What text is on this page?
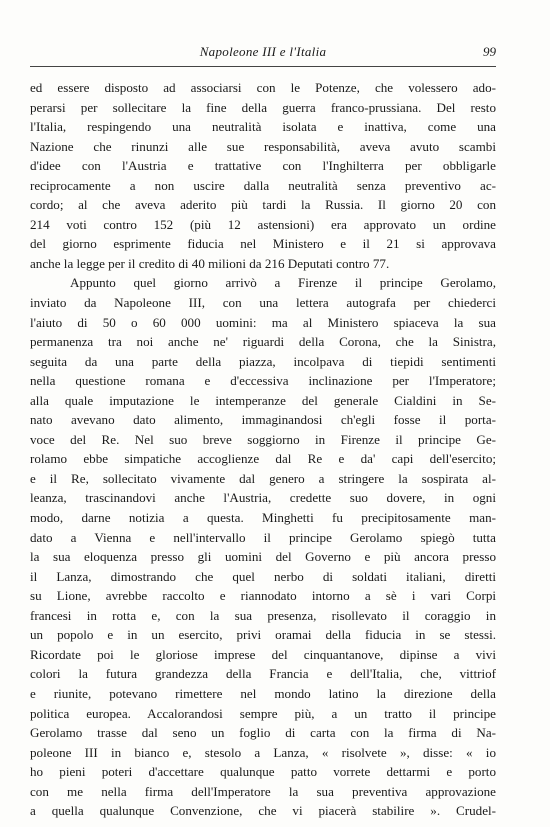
Napoleone III e l'Italia	99
ed essere disposto ad associarsi con le Potenze, che volessero ado-
perarsi per sollecitare la fine della guerra franco-prussiana. Del resto
l'Italia, respingendo una neutralità isolata e inattiva, come una
Nazione che rinunzi alle sue responsabilità, aveva avuto scambi
d'idee con l'Austria e trattative con l'Inghilterra per obbligarle
reciprocamente a non uscire dalla neutralità senza preventivo ac-
cordo; al che aveva aderito più tardi la Russia. Il giorno 20 con
214 voti contro 152 (più 12 astensioni) era approvato un ordine
del giorno esprimente fiducia nel Ministero e il 21 si approvava
anche la legge per il credito di 40 milioni da 216 Deputati contro 77.
Appunto quel giorno arrivò a Firenze il principe Gerolamo,
inviato da Napoleone III, con una lettera autografa per chiederci
l'aiuto di 50 o 60 000 uomini: ma al Ministero spiaceva la sua
permanenza tra noi anche ne' riguardi della Corona, che la Sinistra,
seguita da una parte della piazza, incolpava di tiepidi sentimenti
nella questione romana e d'eccessiva inclinazione per l'Imperatore;
alla quale imputazione le intemperanze del generale Cialdini in Se-
nato avevano dato alimento, immaginandosi ch'egli fosse il porta-
voce del Re. Nel suo breve soggiorno in Firenze il principe Ge-
rolamo ebbe simpatiche accoglienze dal Re e da' capi dell'esercito;
e il Re, sollecitato vivamente dal genero a stringere la sospirata al-
leanza, trascinandovi anche l'Austria, credette suo dovere, in ogni
modo, darne notizia a questa. Minghetti fu precipitosamente man-
dato a Vienna e nell'intervallo il principe Gerolamo spiegò tutta
la sua eloquenza presso gli uomini del Governo e più ancora presso
il Lanza, dimostrando che quel nerbo di soldati italiani, diretti
su Lione, avrebbe raccolto e riannodato intorno a sè i vari Corpi
francesi in rotta e, con la sua presenza, risollevato il coraggio in
un popolo e in un esercito, privi oramai della fiducia in se stessi.
Ricordate poi le gloriose imprese del cinquantanove, dipinse a vivi
colori la futura grandezza della Francia e dell'Italia, che, vittriof
e riunite, potevano rimettere nel mondo latino la direzione della
politica europea. Accalorandosi sempre più, a un tratto il principe
Gerolamo trasse dal seno un foglio di carta con la firma di Na-
poleone III in bianco e, stesolo a Lanza, « risolvete », disse: « io
ho pieni poteri d'accettare qualunque patto vorrete dettarmi e porto
con me nella firma dell'Imperatore la sua preventiva approvazione
a quella qualunque Convenzione, che vi piacerà stabilire ». Crudel-
